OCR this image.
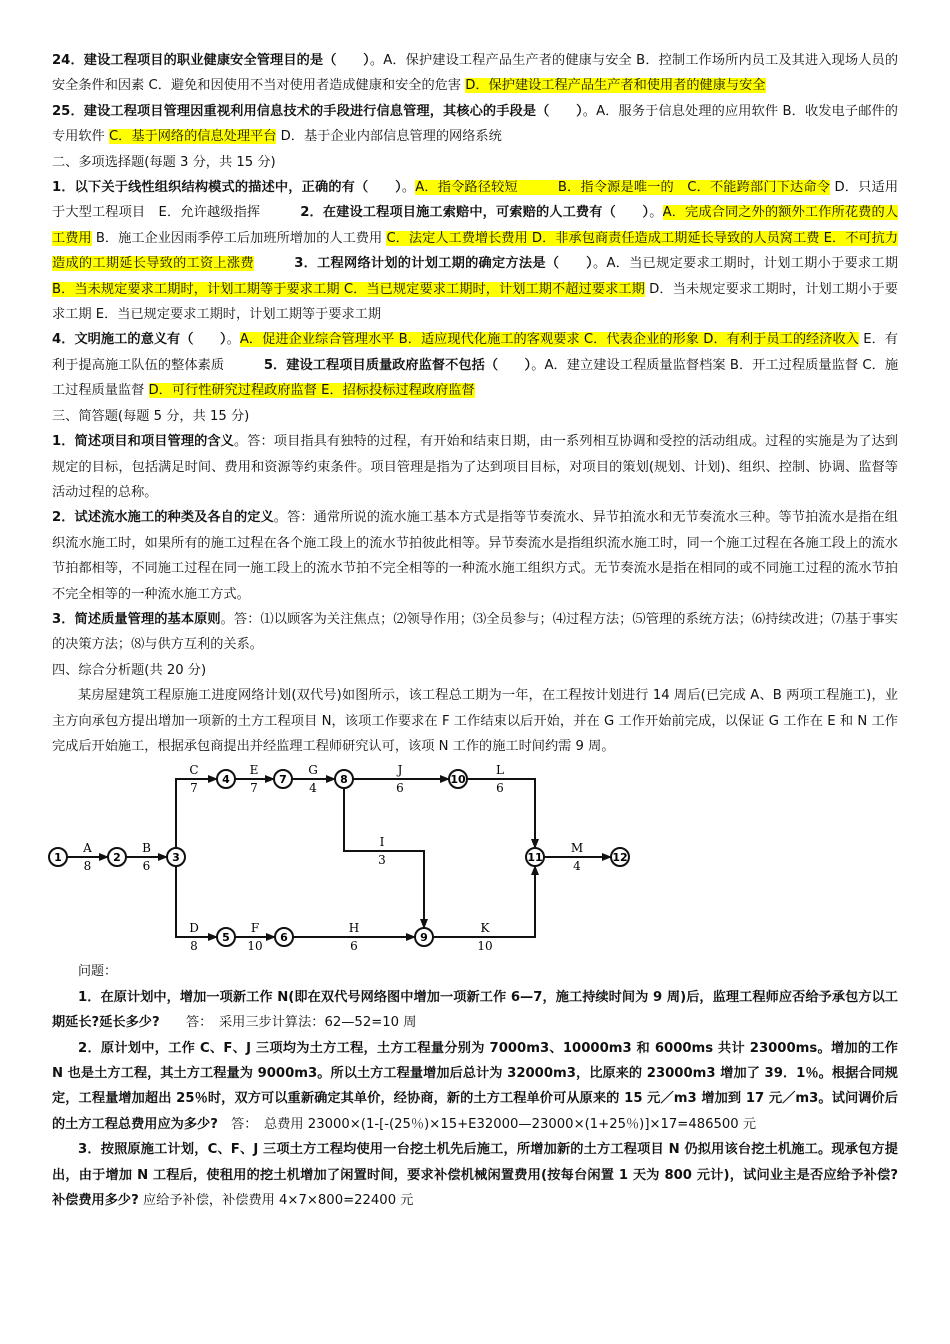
24．建设工程项目的职业健康安全管理目的是（　　）。A．保护建设工程产品生产者的健康与安全 B．控制工作场所内员工及其进入现场人员的安全条件和因素 C．避免和因使用不当对使用者造成健康和安全的危害 D．保护建设工程产品生产者和使用者的健康与安全

25．建设工程项目管理因重视利用信息技术的手段进行信息管理，其核心的手段是（　　）。A．服务于信息处理的应用软件 B．收发电子邮件的专用软件 C．基于网络的信息处理平台 D．基于企业内部信息管理的网络系统

二、多项选择题(每题 3 分，共 15 分)

1．以下关于线性组织结构模式的描述中，正确的有（　　）。A．指令路径较短　　　B．指令源是唯一的　C．不能跨部门下达命令 D．只适用于大型工程项目　E．允许越级指挥　　　2．在建设工程项目施工索赔中，可索赔的人工费有（　　）。A．完成合同之外的额外工作所花费的人工费用 B．施工企业因雨季停工后加班所增加的人工费用 C．法定人工费增长费用 D．非承包商责任造成工期延长导致的人员窝工费 E．不可抗力造成的工期延长导致的工资上涨费　　　	3．工程网络计划的计划工期的确定方法是（　　）。A．当已规定要求工期时，计划工期小于要求工期 B．当未规定要求工期时，计划工期等于要求工期 C．当已规定要求工期时，计划工期不超过要求工期 D．当未规定要求工期时，计划工期小于要求工期 E．当已规定要求工期时，计划工期等于要求工期

4．文明施工的意义有（　　）。A．促进企业综合管理水平 B．适应现代化施工的客观要求 C．代表企业的形象 D．有利于员工的经济收入 E．有利于提高施工队伍的整体素质　　　5．建设工程项目质量政府监督不包括（　　）。A．建立建设工程质量监督档案 B．开工过程质量监督 C．施工过程质量监督 D．可行性研究过程政府监督 E．招标投标过程政府监督

三、简答题(每题 5 分，共 15 分)

1．简述项目和项目管理的含义。答：项目指具有独特的过程，有开始和结束日期，由一系列相互协调和受控的活动组成。过程的实施是为了达到规定的目标，包括满足时间、费用和资源等约束条件。项目管理是指为了达到项目目标，对项目的策划(规划、计划)、组织、控制、协调、监督等活动过程的总称。

2．试述流水施工的种类及各自的定义。答：通常所说的流水施工基本方式是指等节奏流水、异节拍流水和无节奏流水三种。等节拍流水是指在组织流水施工时，如果所有的施工过程在各个施工段上的流水节拍彼此相等。异节奏流水是指组织流水施工时，同一个施工过程在各施工段上的流水节拍都相等，不同施工过程在同一施工段上的流水节拍不完全相等的一种流水施工组织方式。无节奏流水是指在相同的或不同施工过程的流水节拍不完全相等的一种流水施工方式。

3．简述质量管理的基本原则。答：⑴以顾客为关注焦点；⑵领导作用；⑶全员参与；⑷过程方法；⑸管理的系统方法；⑹持续改进；⑺基于事实的决策方法；⑻与供方互利的关系。

四、综合分析题(共 20 分)

某房屋建筑工程原施工进度网络计划(双代号)如图所示，该工程总工期为一年，在工程按计划进行 14 周后(已完成 A、B 两项工程施工)，业主方向承包方提出增加一项新的土方工程项目 N，该项工作要求在 F 工作结束以后开始，并在 G 工作开始前完成，以保证 G 工作在 E 和 N 工作完成后开始施工，根据承包商提出并经监理工程师研究认可，该项 N 工作的施工时间约需 9 周。

A
8
B
6
C
7
E
7
G
4
J
6
L
6
I
3
M
4
D
8
F
10
H
6
K
10
1	2	3
4
5	6
7	8
9
10
11	12

问题：

1．在原计划中，增加一项新工作 N(即在双代号网络图中增加一项新工作 6—7，施工持续时间为 9 周)后，监理工程师应否给予承包方以工期延长?延长多少?　　答：　采用三步计算法：62—52=10 周

2．原计划中，工作 C、F、J 三项均为土方工程，土方工程量分别为 7000m3、10000m3 和 6000ms 共计 23000ms。增加的工作 N 也是土方工程，其土方工程量为 9000m3。所以土方工程量增加后总计为 32000m3，比原来的 23000m3 增加了 39．1％。根据合同规定，工程量增加超出 25％时，双方可以重新确定其单价，经协商，新的土方工程单价可从原来的 15 元／m3 增加到 17 元／m3。试问调价后的土方工程总费用应为多少?　答：　总费用 23000×(1-[-(25％)×15+E32000—23000×(1+25％)]×17=486500 元

3．按照原施工计划，C、F、J 三项土方工程均使用一台挖土机先后施工，所增加新的土方工程项目 N 仍拟用该台挖土机施工。现承包方提出，由于增加 N 工程后，使租用的挖土机增加了闲置时间，要求补偿机械闲置费用(按每台闲置 1 天为 800 元计)，试问业主是否应给予补偿?补偿费用多少? 应给予补偿，补偿费用 4×7×800=22400 元
